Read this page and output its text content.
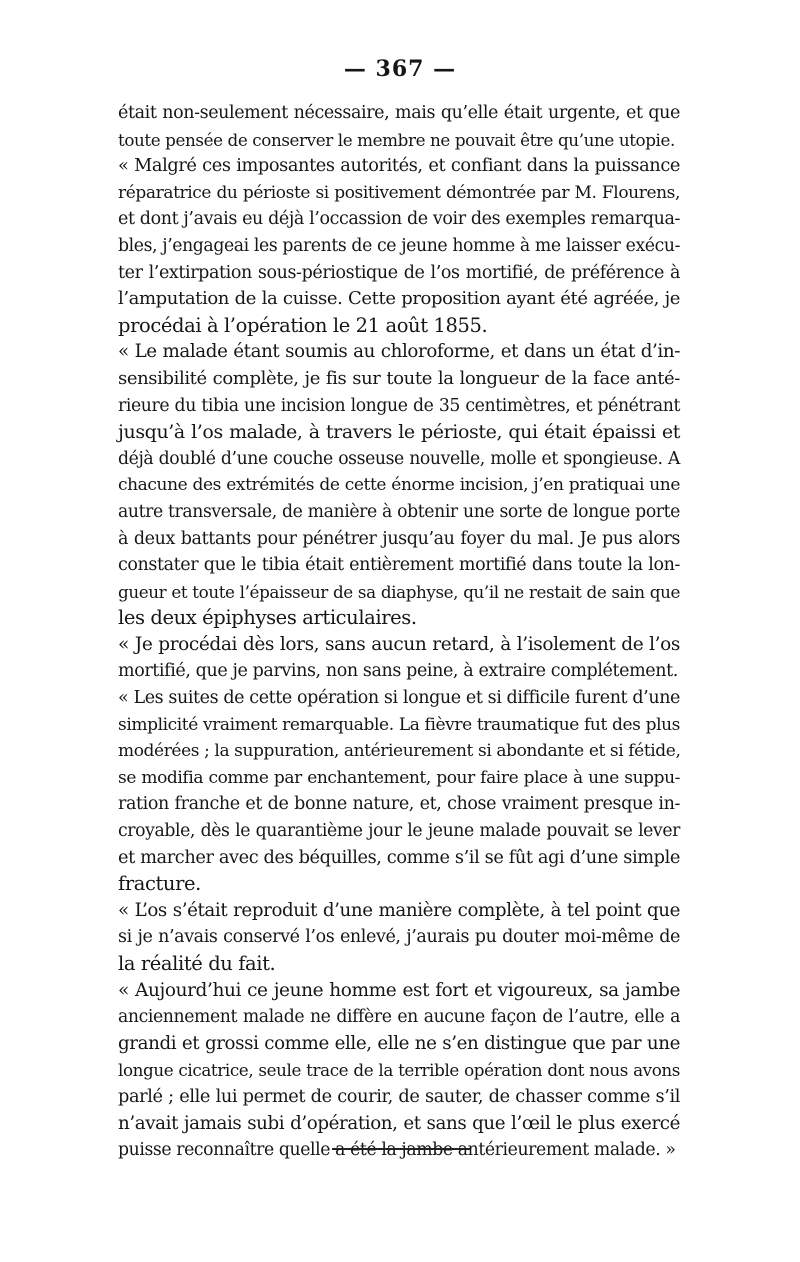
— 367 —
était non-seulement nécessaire, mais qu’elle était urgente, et que
toute pensée de conserver le membre ne pouvait être qu’une utopie.
« Malgré ces imposantes autorités, et confiant dans la puissance
réparatrice du périoste si positivement démontrée par M. Flourens,
et dont j’avais eu déjà l’occassion de voir des exemples remarqua-
bles, j’engageai les parents de ce jeune homme à me laisser exécu-
ter l’extirpation sous-périostique de l’os mortifié, de préférence à
l’amputation de la cuisse. Cette proposition ayant été agréée, je
procédai à l’opération le 21 août 1855.
« Le malade étant soumis au chloroforme, et dans un état d’in-
sensibilité complète, je fis sur toute la longueur de la face anté-
rieure du tibia une incision longue de 35 centimètres, et pénétrant
jusqu’à l’os malade, à travers le périoste, qui était épaissi et
déjà doublé d’une couche osseuse nouvelle, molle et spongieuse. A
chacune des extrémités de cette énorme incision, j’en pratiquai une
autre transversale, de manière à obtenir une sorte de longue porte
à deux battants pour pénétrer jusqu’au foyer du mal. Je pus alors
constater que le tibia était entièrement mortifié dans toute la lon-
gueur et toute l’épaisseur de sa diaphyse, qu’il ne restait de sain que
les deux épiphyses articulaires.
« Je procédai dès lors, sans aucun retard, à l’isolement de l’os
mortifié, que je parvins, non sans peine, à extraire complétement.
« Les suites de cette opération si longue et si difficile furent d’une
simplicité vraiment remarquable. La fièvre traumatique fut des plus
modérées ; la suppuration, antérieurement si abondante et si fétide,
se modifia comme par enchantement, pour faire place à une suppu-
ration franche et de bonne nature, et, chose vraiment presque in-
croyable, dès le quarantième jour le jeune malade pouvait se lever
et marcher avec des béquilles, comme s’il se fût agi d’une simple
fracture.
« L’os s’était reproduit d’une manière complète, à tel point que
si je n’avais conservé l’os enlevé, j’aurais pu douter moi-même de
la réalité du fait.
« Aujourd’hui ce jeune homme est fort et vigoureux, sa jambe
anciennement malade ne diffère en aucune façon de l’autre, elle a
grandi et grossi comme elle, elle ne s’en distingue que par une
longue cicatrice, seule trace de la terrible opération dont nous avons
parlé ; elle lui permet de courir, de sauter, de chasser comme s’il
n’avait jamais subi d’opération, et sans que l’œil le plus exercé
puisse reconnaître quelle a été la jambe antérieurement malade. »
